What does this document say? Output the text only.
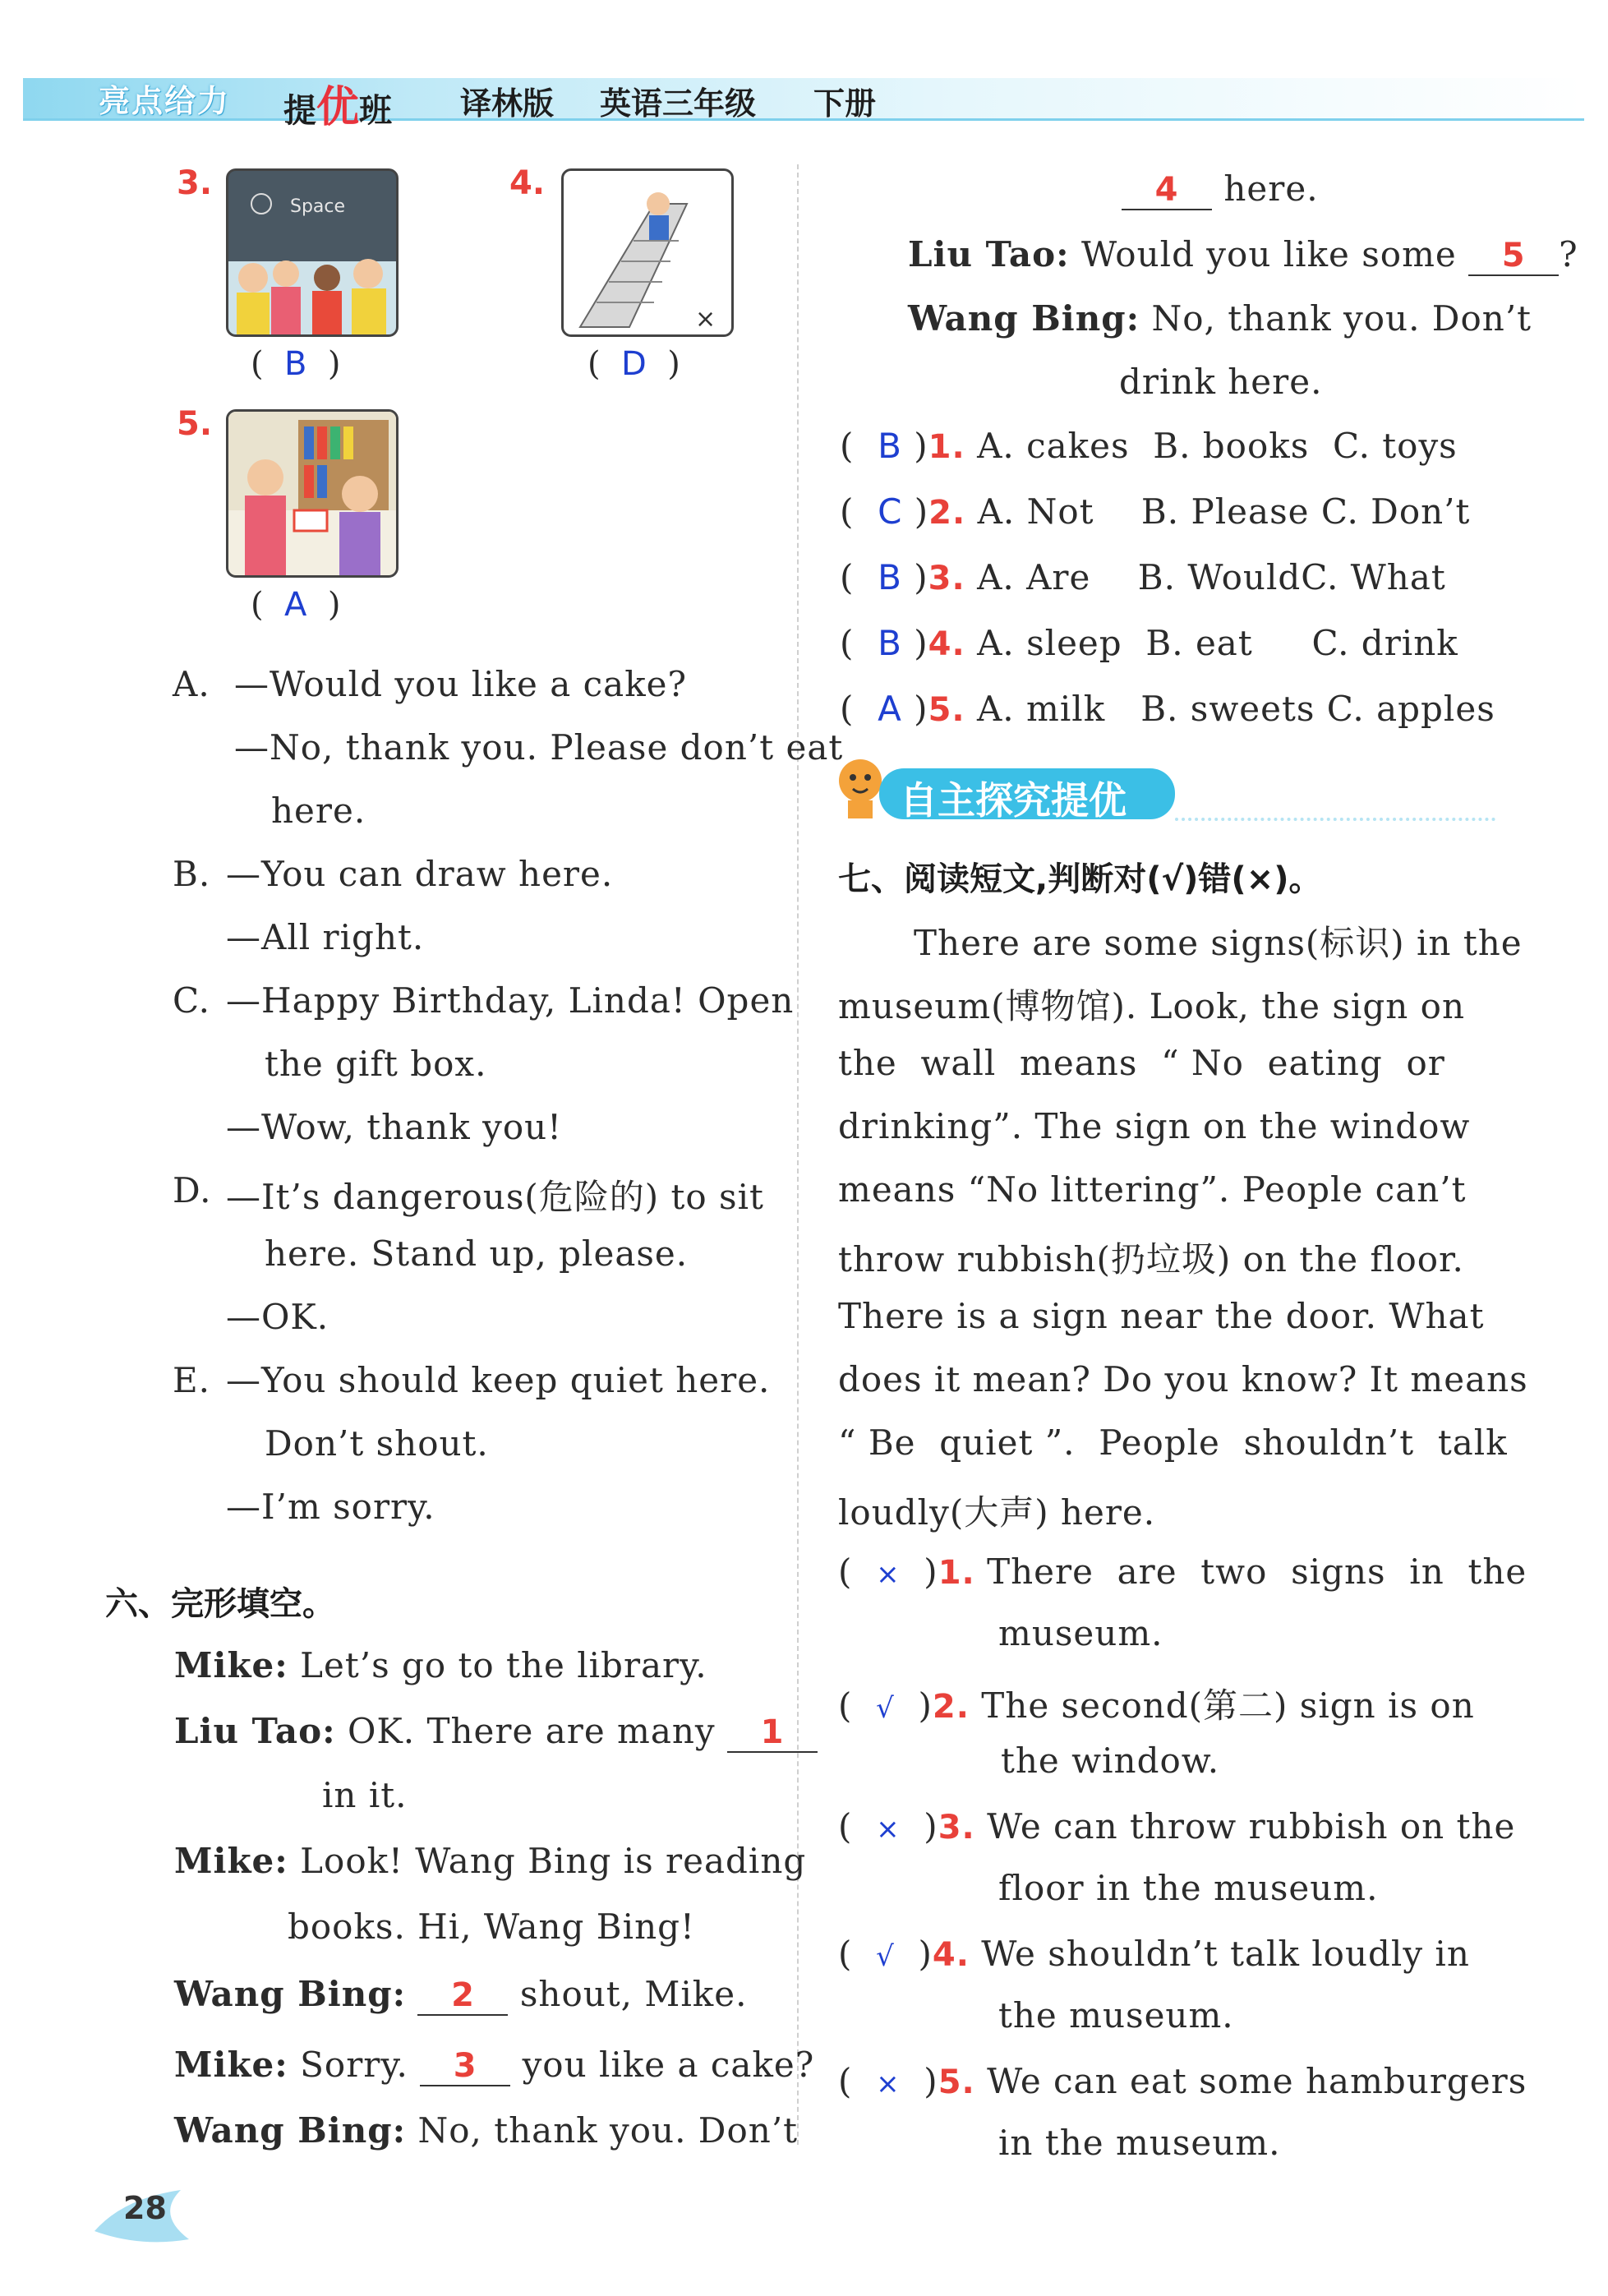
亮点给力 提优班 译林版 英语三年级 下册
3.
Space
(  B  )
4.
×
(  D  )
5.
(  A  )
A. —Would you like a cake?
—No, thank you. Please don’t eat
here.
B. —You can draw here.
—All right.
C. —Happy Birthday, Linda! Open
the gift box.
—Wow, thank you!
D. —It’s dangerous(危险的) to sit
here. Stand up, please.
—OK.
E. —You should keep quiet here.
Don’t shout.
—I’m sorry.
六、完形填空。
Mike: Let’s go to the library.
Liu Tao: OK. There are many 1
in it.
Mike: Look! Wang Bing is reading
books. Hi, Wang Bing!
Wang Bing: 2 shout, Mike.
Mike: Sorry. 3 you like a cake?
Wang Bing: No, thank you. Don’t
4 here.
Liu Tao: Would you like some 5 ?
Wang Bing: No, thank you. Don’t
drink here.
(  B )1. A. cakes  B. books  C. toys
(  C )2. A. Not    B. Please C. Don’t
(  B )3. A. Are    B. WouldC. What
(  B )4. A. sleep  B. eat     C. drink
(  A )5. A. milk   B. sweets C. apples
自主探究提优
七、阅读短文,判断对(√)错(×)。
There are some signs(标识) in the
museum(博物馆). Look, the sign on
the  wall  means  “ No  eating  or
drinking”. The sign on the window
means “No littering”. People can’t
throw rubbish(扔垃圾) on the floor.
There is a sign near the door. What
does it mean? Do you know? It means
“ Be  quiet ”.  People  shouldn’t  talk
loudly(大声) here.
(  ×  )1. There  are  two  signs  in  the
museum.
(  √  )2. The second(第二) sign is on
the window.
(  ×  )3. We can throw rubbish on the
floor in the museum.
(  √  )4. We shouldn’t talk loudly in
the museum.
(  ×  )5. We can eat some hamburgers
in the museum.
28
